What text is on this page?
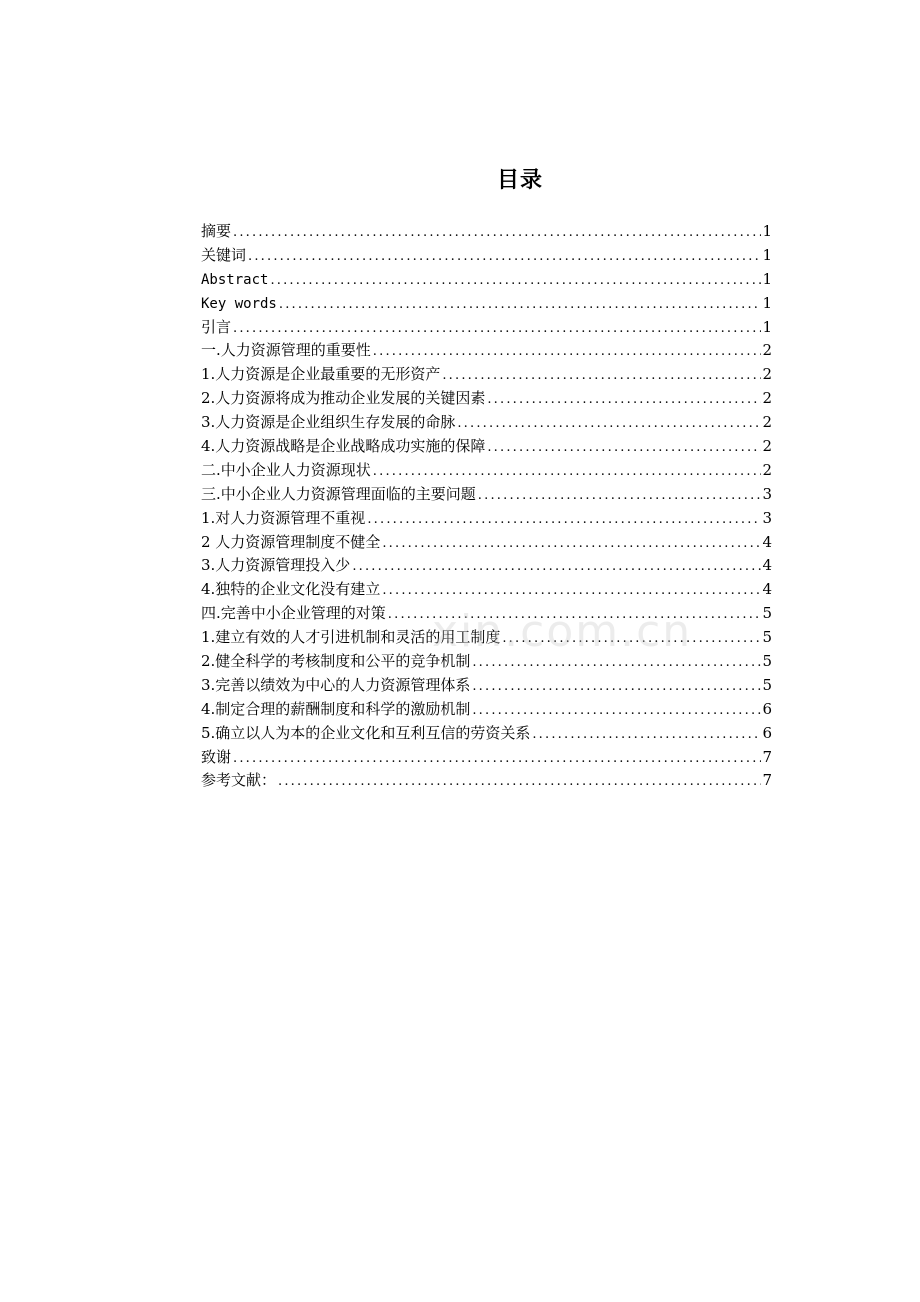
目录
摘要 .....	1
关键词 .....	1
Abstract .....	1
Key words .....	1
引言 .....	1
一.人力资源管理的重要性 .....	2
1.人力资源是企业最重要的无形资产 .....	2
2.人力资源将成为推动企业发展的关键因素 .....	2
3.人力资源是企业组织生存发展的命脉 .....	2
4.人力资源战略是企业战略成功实施的保障 .....	2
二.中小企业人力资源现状 .....	2
三.中小企业人力资源管理面临的主要问题 .....	3
1.对人力资源管理不重视 .....	3
2 人力资源管理制度不健全 .....	4
3.人力资源管理投入少 .....	4
4.独特的企业文化没有建立 .....	4
四.完善中小企业管理的对策 .....	5
1.建立有效的人才引进机制和灵活的用工制度 .....	5
2.健全科学的考核制度和公平的竞争机制 .....	5
3.完善以绩效为中心的人力资源管理体系 .....	5
4.制定合理的薪酬制度和科学的激励机制 .....	6
5.确立以人为本的企业文化和互利互信的劳资关系 .....	6
致谢 .....	7
参考文献： .....	7
xin.com.cn
